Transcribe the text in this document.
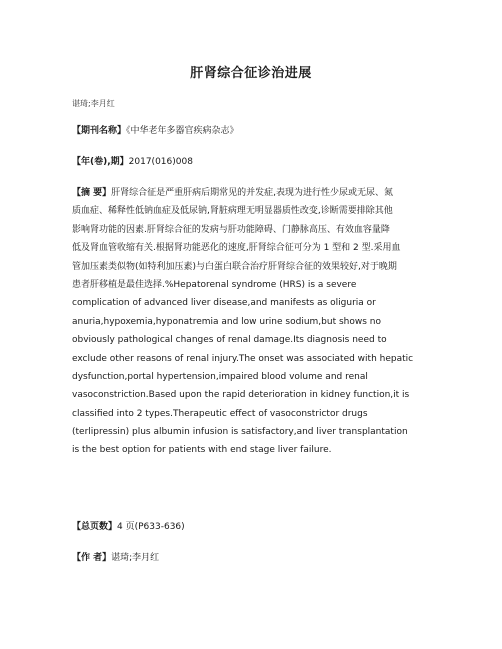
肝肾综合征诊治进展
谌琦;李月红
【期刊名称】《中华老年多器官疾病杂志》
【年(卷),期】2017(016)008
【摘 要】肝肾综合征是严重肝病后期常见的并发症,表现为进行性少尿或无尿、氮
质血症、稀释性低钠血症及低尿钠,肾脏病理无明显器质性改变,诊断需要排除其他
影响肾功能的因素.肝肾综合征的发病与肝功能障碍、门静脉高压、有效血容量降
低及肾血管收缩有关.根据肾功能恶化的速度,肝肾综合征可分为 1 型和 2 型.采用血
管加压素类似物(如特利加压素)与白蛋白联合治疗肝肾综合征的效果较好,对于晚期
患者肝移植是最佳选择.%Hepatorenal syndrome (HRS) is a severe
complication of advanced liver disease,and manifests as oliguria or
anuria,hypoxemia,hyponatremia and low urine sodium,but shows no
obviously pathological changes of renal damage.Its diagnosis need to
exclude other reasons of renal injury.The onset was associated with hepatic
dysfunction,portal hypertension,impaired blood volume and renal
vasoconstriction.Based upon the rapid deterioration in kidney function,it is
classified into 2 types.Therapeutic effect of vasoconstrictor drugs
(terlipressin) plus albumin infusion is satisfactory,and liver transplantation
is the best option for patients with end stage liver failure.
【总页数】4 页(P633-636)
【作 者】谌琦;李月红
